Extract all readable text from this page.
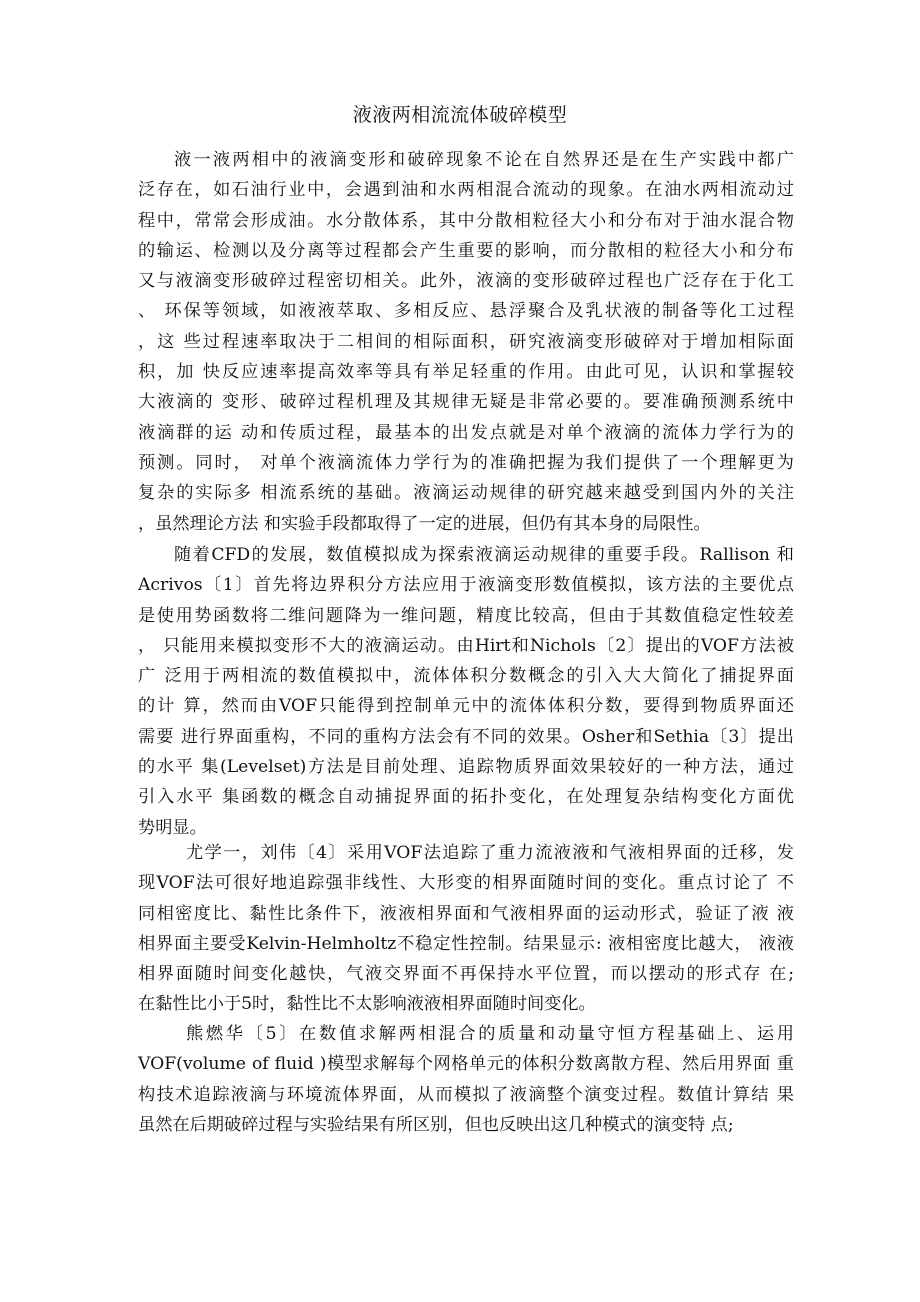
液液两相流流体破碎模型
液一液两相中的液滴变形和破碎现象不论在自然界还是在生产实践中都广
泛存在，如石油行业中，会遇到油和水两相混合流动的现象。在油水两相流动过
程中，常常会形成油。水分散体系，其中分散相粒径大小和分布对于油水混合物
的输运、检测以及分离等过程都会产生重要的影响，而分散相的粒径大小和分布
又与液滴变形破碎过程密切相关。此外，液滴的变形破碎过程也广泛存在于化工
、 环保等领域，如液液萃取、多相反应、悬浮聚合及乳状液的制备等化工过程
，这 些过程速率取决于二相间的相际面积，研究液滴变形破碎对于增加相际面
积，加 快反应速率提高效率等具有举足轻重的作用。由此可见，认识和掌握较
大液滴的 变形、破碎过程机理及其规律无疑是非常必要的。要准确预测系统中
液滴群的运 动和传质过程，最基本的出发点就是对单个液滴的流体力学行为的
预测。同时， 对单个液滴流体力学行为的准确把握为我们提供了一个理解更为
复杂的实际多 相流系统的基础。液滴运动规律的研究越来越受到国内外的关注
，虽然理论方法 和实验手段都取得了一定的进展，但仍有其本身的局限性。
随着CFD的发展，数值模拟成为探索液滴运动规律的重要手段。Rallison 和
Acrivos〔1〕首先将边界积分方法应用于液滴变形数值模拟，该方法的主要优点
是使用势函数将二维问题降为一维问题，精度比较高，但由于其数值稳定性较差
， 只能用来模拟变形不大的液滴运动。由Hirt和Nichols〔2〕提出的VOF方法被
广 泛用于两相流的数值模拟中，流体体积分数概念的引入大大简化了捕捉界面
的计 算，然而由VOF只能得到控制单元中的流体体积分数，要得到物质界面还
需要 进行界面重构，不同的重构方法会有不同的效果。Osher和Sethia〔3〕提出
的水平 集(Levelset)方法是目前处理、追踪物质界面效果较好的一种方法，通过
引入水平 集函数的概念自动捕捉界面的拓扑变化，在处理复杂结构变化方面优
势明显。
尤学一，刘伟〔4〕采用VOF法追踪了重力流液液和气液相界面的迁移，发
现VOF法可很好地追踪强非线性、大形变的相界面随时间的变化。重点讨论了 不
同相密度比、黏性比条件下，液液相界面和气液相界面的运动形式，验证了液 液
相界面主要受Kelvin-Helmholtz不稳定性控制。结果显示: 液相密度比越大， 液液
相界面随时间变化越快，气液交界面不再保持水平位置，而以摆动的形式存 在;
在黏性比小于5时，黏性比不太影响液液相界面随时间变化。
熊燃华〔5〕在数值求解两相混合的质量和动量守恒方程基础上、运用
VOF(volume of fluid )模型求解每个网格单元的体积分数离散方程、然后用界面 重
构技术追踪液滴与环境流体界面，从而模拟了液滴整个演变过程。数值计算结 果
虽然在后期破碎过程与实验结果有所区别，但也反映出这几种模式的演变特 点;
